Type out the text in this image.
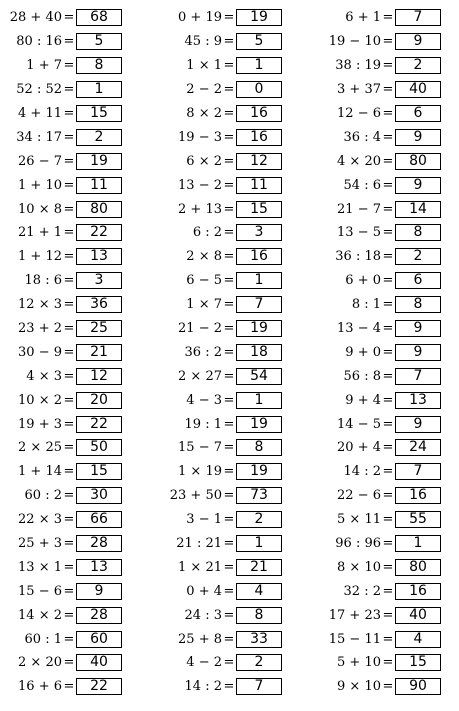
28 + 40 =	68
80 : 16 =	5
1 + 7 =	8
52 : 52 =	1
4 + 11 =	15
34 : 17 =	2
26 − 7 =	19
1 + 10 =	11
10 × 8 =	80
21 + 1 =	22
1 + 12 =	13
18 : 6 =	3
12 × 3 =	36
23 + 2 =	25
30 − 9 =	21
4 × 3 =	12
10 × 2 =	20
19 + 3 =	22
2 × 25 =	50
1 + 14 =	15
60 : 2 =	30
22 × 3 =	66
25 + 3 =	28
13 × 1 =	13
15 − 6 =	9
14 × 2 =	28
60 : 1 =	60
2 × 20 =	40
16 + 6 =	22
0 + 19 =	19
45 : 9 =	5
1 × 1 =	1
2 − 2 =	0
8 × 2 =	16
19 − 3 =	16
6 × 2 =	12
13 − 2 =	11
2 + 13 =	15
6 : 2 =	3
2 × 8 =	16
6 − 5 =	1
1 × 7 =	7
21 − 2 =	19
36 : 2 =	18
2 × 27 =	54
4 − 3 =	1
19 : 1 =	19
15 − 7 =	8
1 × 19 =	19
23 + 50 =	73
3 − 1 =	2
21 : 21 =	1
1 × 21 =	21
0 + 4 =	4
24 : 3 =	8
25 + 8 =	33
4 − 2 =	2
14 : 2 =	7
6 + 1 =	7
19 − 10 =	9
38 : 19 =	2
3 + 37 =	40
12 − 6 =	6
36 : 4 =	9
4 × 20 =	80
54 : 6 =	9
21 − 7 =	14
13 − 5 =	8
36 : 18 =	2
6 + 0 =	6
8 : 1 =	8
13 − 4 =	9
9 + 0 =	9
56 : 8 =	7
9 + 4 =	13
14 − 5 =	9
20 + 4 =	24
14 : 2 =	7
22 − 6 =	16
5 × 11 =	55
96 : 96 =	1
8 × 10 =	80
32 : 2 =	16
17 + 23 =	40
15 − 11 =	4
5 + 10 =	15
9 × 10 =	90
